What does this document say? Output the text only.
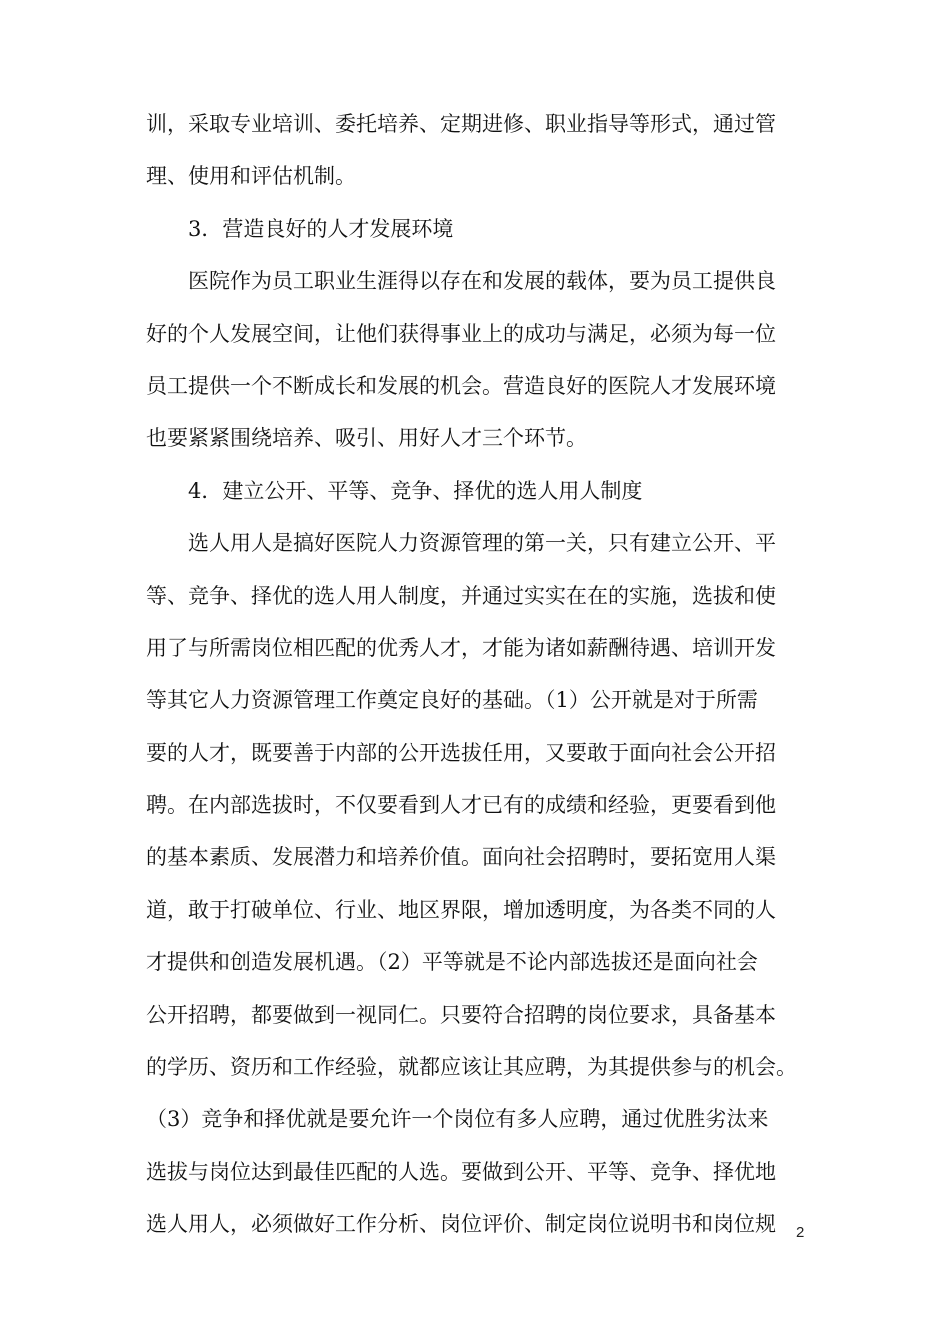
训，采取专业培训、委托培养、定期进修、职业指导等形式，通过管
理、使用和评估机制。
3．营造良好的人才发展环境
医院作为员工职业生涯得以存在和发展的载体，要为员工提供良
好的个人发展空间，让他们获得事业上的成功与满足，必须为每一位
员工提供一个不断成长和发展的机会。营造良好的医院人才发展环境
也要紧紧围绕培养、吸引、用好人才三个环节。
4．建立公开、平等、竞争、择优的选人用人制度
选人用人是搞好医院人力资源管理的第一关，只有建立公开、平
等、竞争、择优的选人用人制度，并通过实实在在的实施，选拔和使
用了与所需岗位相匹配的优秀人才，才能为诸如薪酬待遇、培训开发
等其它人力资源管理工作奠定良好的基础。（1）公开就是对于所需
要的人才，既要善于内部的公开选拔任用，又要敢于面向社会公开招
聘。在内部选拔时，不仅要看到人才已有的成绩和经验，更要看到他
的基本素质、发展潜力和培养价值。面向社会招聘时，要拓宽用人渠
道，敢于打破单位、行业、地区界限，增加透明度，为各类不同的人
才提供和创造发展机遇。（2）平等就是不论内部选拔还是面向社会
公开招聘，都要做到一视同仁。只要符合招聘的岗位要求，具备基本
的学历、资历和工作经验，就都应该让其应聘，为其提供参与的机会。
（3）竞争和择优就是要允许一个岗位有多人应聘，通过优胜劣汰来
选拔与岗位达到最佳匹配的人选。要做到公开、平等、竞争、择优地
选人用人，必须做好工作分析、岗位评价、制定岗位说明书和岗位规	2
